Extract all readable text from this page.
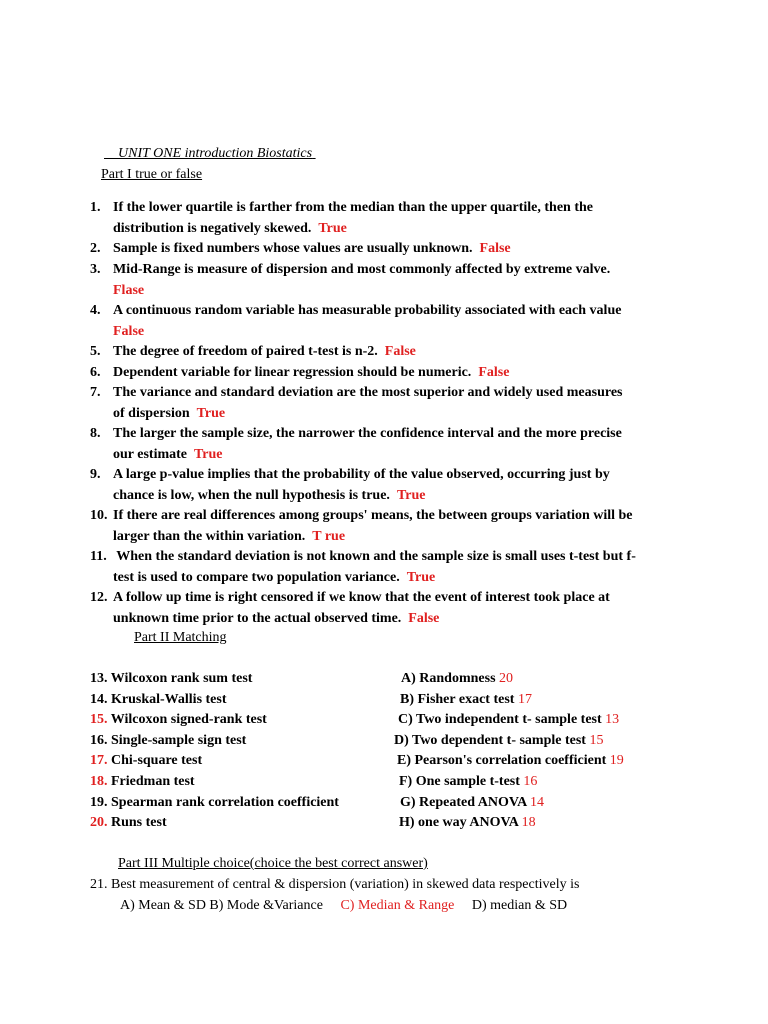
UNIT ONE introduction Biostatics
Part I true or false
1. If the lower quartile is farther from the median than the upper quartile, then the
distribution is negatively skewed. True
2. Sample is fixed numbers whose values are usually unknown. False
3. Mid-Range is measure of dispersion and most commonly affected by extreme valve.
Flase
4. A continuous random variable has measurable probability associated with each value
False
5. The degree of freedom of paired t-test is n-2. False
6. Dependent variable for linear regression should be numeric. False
7. The variance and standard deviation are the most superior and widely used measures
of dispersion True
8. The larger the sample size, the narrower the confidence interval and the more precise
our estimate True
9. A large p-value implies that the probability of the value observed, occurring just by
chance is low, when the null hypothesis is true. True
10. If there are real differences among groups' means, the between groups variation will be
larger than the within variation. T rue
11. When the standard deviation is not known and the sample size is small uses t-test but f-
test is used to compare two population variance. True
12. A follow up time is right censored if we know that the event of interest took place at
unknown time prior to the actual observed time. False
Part II Matching
13. Wilcoxon rank sum test
14. Kruskal-Wallis test
15. Wilcoxon signed-rank test
16. Single-sample sign test
17. Chi-square test
18. Friedman test
19. Spearman rank correlation coefficient
20. Runs test
A) Randomness 20
B) Fisher exact test 17
C) Two independent t- sample test 13
D) Two dependent t- sample test 15
E) Pearson's correlation coefficient 19
F) One sample t-test 16
G) Repeated ANOVA 14
H) one way ANOVA 18
Part III Multiple choice(choice the best correct answer)
21. Best measurement of central & dispersion (variation) in skewed data respectively is
A) Mean & SD B) Mode &Variance C) Median & Range D) median & SD
